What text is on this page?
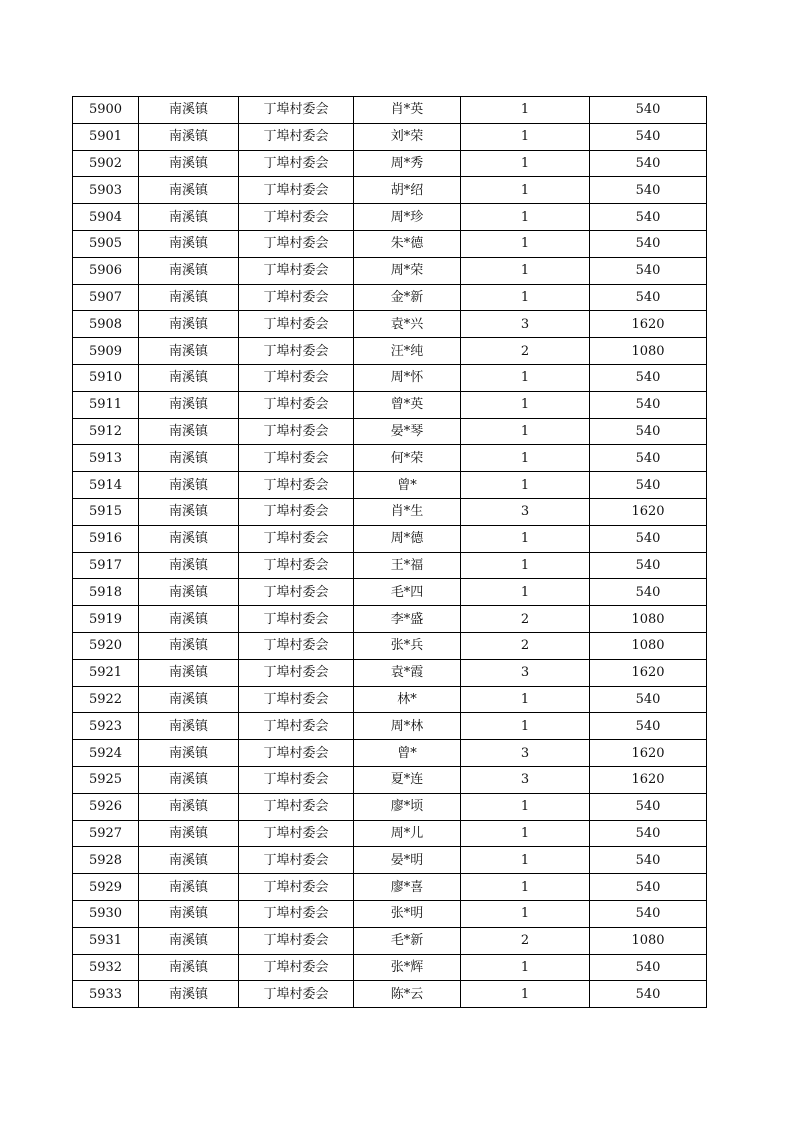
5900	南溪镇	丁埠村委会	肖*英	1	540
5901	南溪镇	丁埠村委会	刘*荣	1	540
5902	南溪镇	丁埠村委会	周*秀	1	540
5903	南溪镇	丁埠村委会	胡*绍	1	540
5904	南溪镇	丁埠村委会	周*珍	1	540
5905	南溪镇	丁埠村委会	朱*德	1	540
5906	南溪镇	丁埠村委会	周*荣	1	540
5907	南溪镇	丁埠村委会	金*新	1	540
5908	南溪镇	丁埠村委会	袁*兴	3	1620
5909	南溪镇	丁埠村委会	汪*纯	2	1080
5910	南溪镇	丁埠村委会	周*怀	1	540
5911	南溪镇	丁埠村委会	曾*英	1	540
5912	南溪镇	丁埠村委会	晏*琴	1	540
5913	南溪镇	丁埠村委会	何*荣	1	540
5914	南溪镇	丁埠村委会	曾*	1	540
5915	南溪镇	丁埠村委会	肖*生	3	1620
5916	南溪镇	丁埠村委会	周*德	1	540
5917	南溪镇	丁埠村委会	王*福	1	540
5918	南溪镇	丁埠村委会	毛*四	1	540
5919	南溪镇	丁埠村委会	李*盛	2	1080
5920	南溪镇	丁埠村委会	张*兵	2	1080
5921	南溪镇	丁埠村委会	袁*霞	3	1620
5922	南溪镇	丁埠村委会	林*	1	540
5923	南溪镇	丁埠村委会	周*林	1	540
5924	南溪镇	丁埠村委会	曾*	3	1620
5925	南溪镇	丁埠村委会	夏*连	3	1620
5926	南溪镇	丁埠村委会	廖*顷	1	540
5927	南溪镇	丁埠村委会	周*儿	1	540
5928	南溪镇	丁埠村委会	晏*明	1	540
5929	南溪镇	丁埠村委会	廖*喜	1	540
5930	南溪镇	丁埠村委会	张*明	1	540
5931	南溪镇	丁埠村委会	毛*新	2	1080
5932	南溪镇	丁埠村委会	张*辉	1	540
5933	南溪镇	丁埠村委会	陈*云	1	540
